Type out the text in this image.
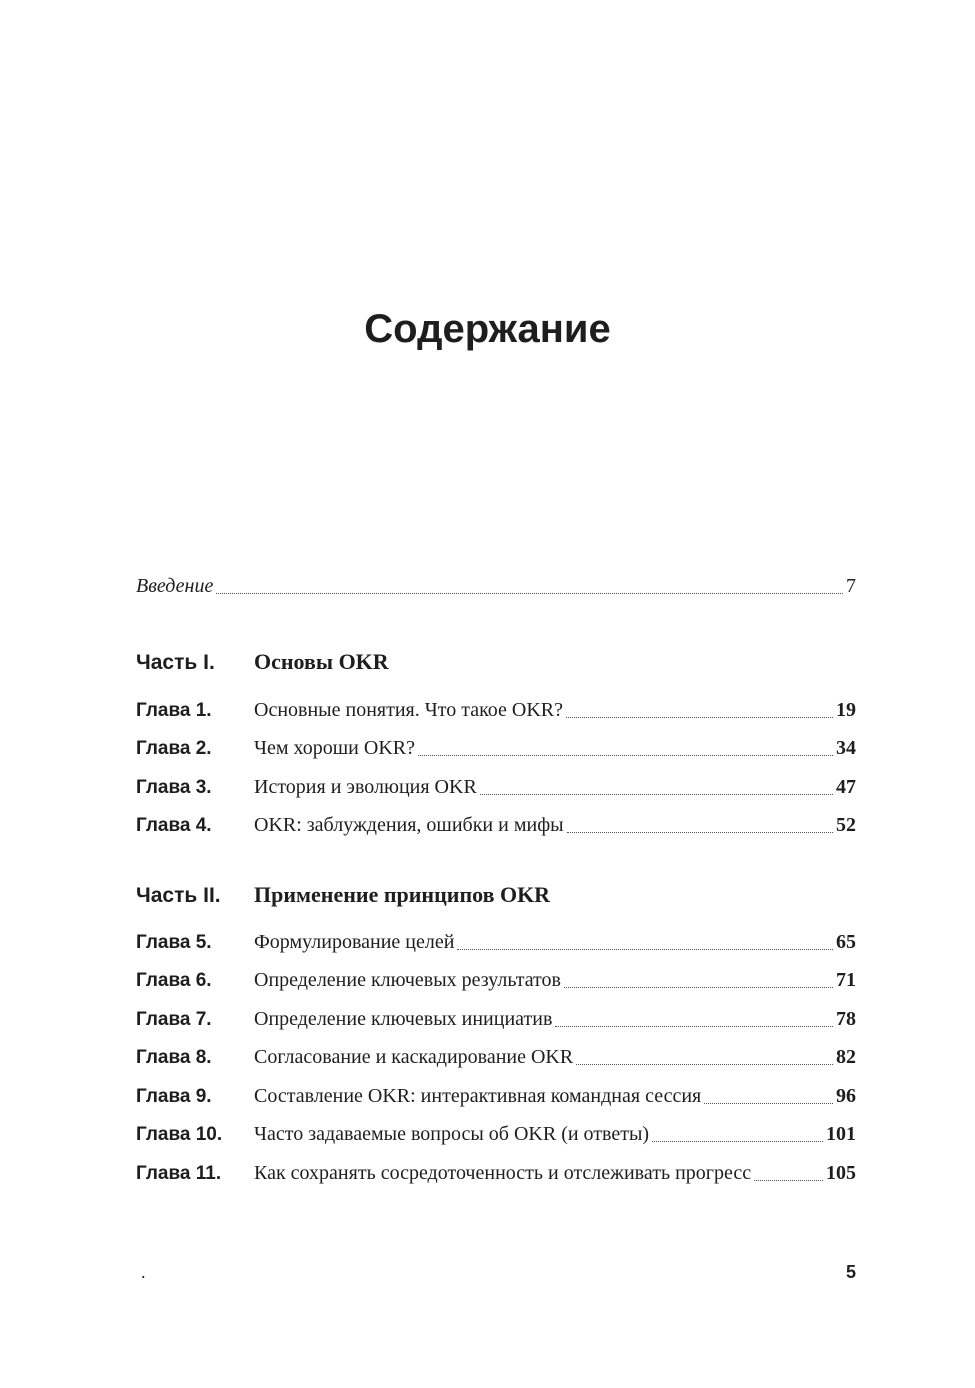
Содержание
Введение	7
Часть I.	Основы OKR
Глава 1.	Основные понятия. Что такое OKR?	19
Глава 2.	Чем хороши OKR?	34
Глава 3.	История и эволюция OKR	47
Глава 4.	OKR: заблуждения, ошибки и мифы	52
Часть II.	Применение принципов OKR
Глава 5.	Формулирование целей	65
Глава 6.	Определение ключевых результатов	71
Глава 7.	Определение ключевых инициатив	78
Глава 8.	Согласование и каскадирование OKR	82
Глава 9.	Составление OKR: интерактивная командная сессия	96
Глава 10.	Часто задаваемые вопросы об OKR (и ответы)	101
Глава 11.	Как сохранять сосредоточенность и отслеживать прогресс	105
.	5
